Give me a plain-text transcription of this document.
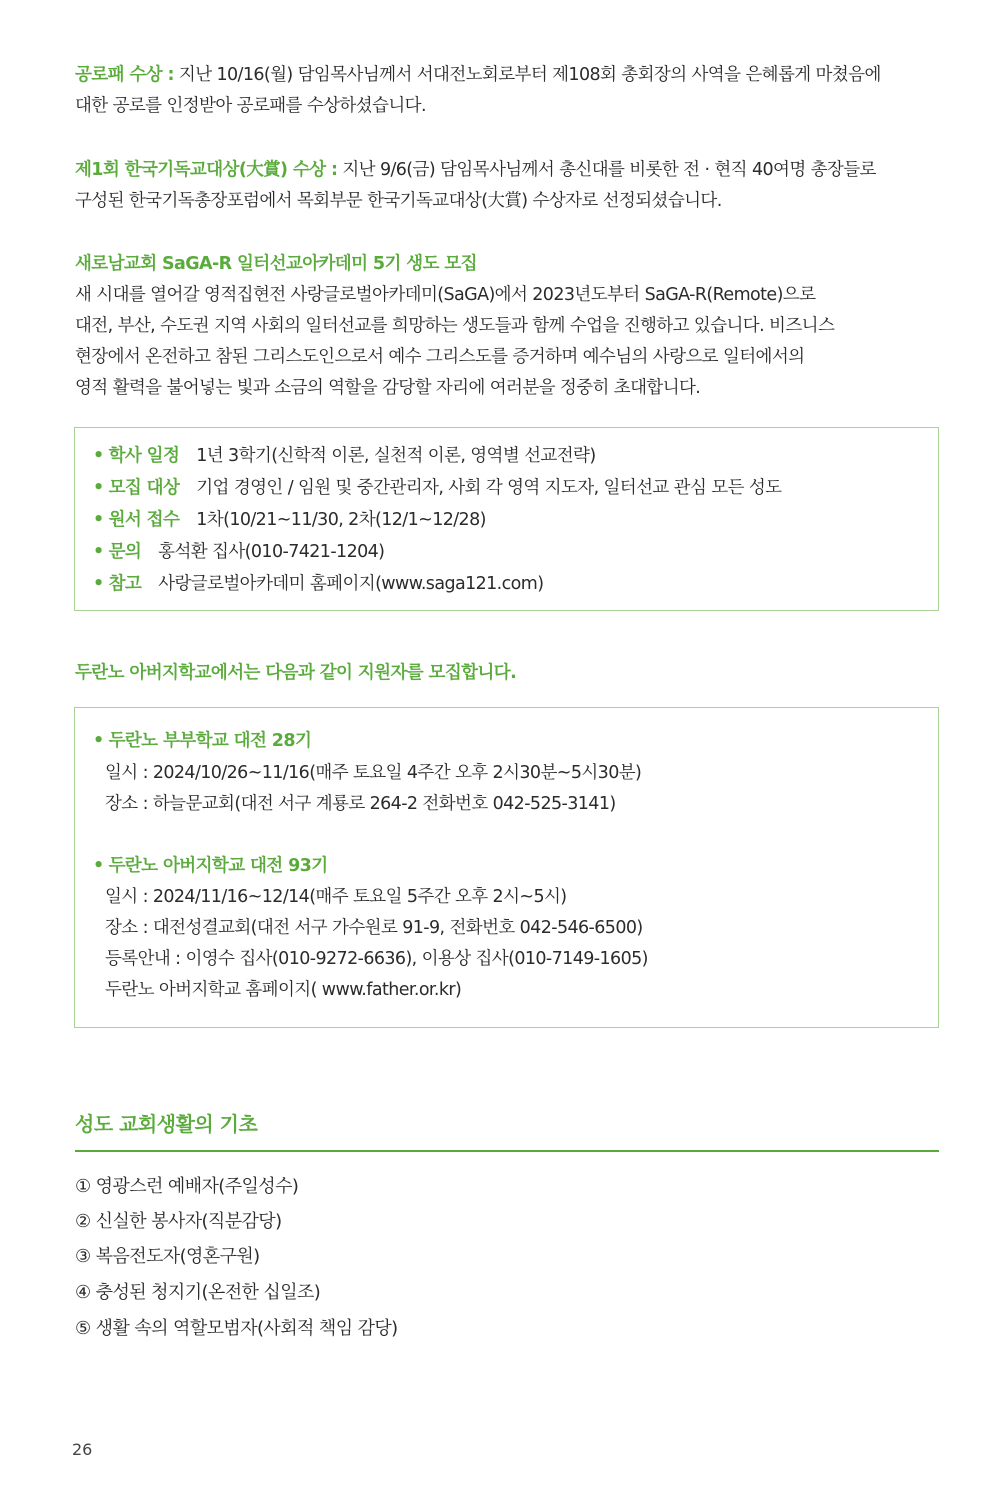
공로패 수상 : 지난 10/16(월) 담임목사님께서 서대전노회로부터 제108회 총회장의 사역을 은혜롭게 마쳤음에
대한 공로를 인정받아 공로패를 수상하셨습니다.
제1회 한국기독교대상(大賞) 수상 : 지난 9/6(금) 담임목사님께서 총신대를 비롯한 전 · 현직 40여명 총장들로
구성된 한국기독총장포럼에서 목회부문 한국기독교대상(大賞) 수상자로 선정되셨습니다.
새로남교회 SaGA-R 일터선교아카데미 5기 생도 모집
새 시대를 열어갈 영적집현전 사랑글로벌아카데미(SaGA)에서 2023년도부터 SaGA-R(Remote)으로
대전, 부산, 수도권 지역 사회의 일터선교를 희망하는 생도들과 함께 수업을 진행하고 있습니다. 비즈니스
현장에서 온전하고 참된 그리스도인으로서 예수 그리스도를 증거하며 예수님의 사랑으로 일터에서의
영적 활력을 불어넣는 빛과 소금의 역할을 감당할 자리에 여러분을 정중히 초대합니다.
• 학사 일정 1년 3학기(신학적 이론, 실천적 이론, 영역별 선교전략)
• 모집 대상 기업 경영인 / 임원 및 중간관리자, 사회 각 영역 지도자, 일터선교 관심 모든 성도
• 원서 접수 1차(10/21~11/30, 2차(12/1~12/28)
• 문의 홍석환 집사(010-7421-1204)
• 참고 사랑글로벌아카데미 홈페이지(www.saga121.com)
두란노 아버지학교에서는 다음과 같이 지원자를 모집합니다.
• 두란노 부부학교 대전 28기
일시 : 2024/10/26~11/16(매주 토요일 4주간 오후 2시30분~5시30분)
장소 : 하늘문교회(대전 서구 계룡로 264-2 전화번호 042-525-3141)
• 두란노 아버지학교 대전 93기
일시 : 2024/11/16~12/14(매주 토요일 5주간 오후 2시~5시)
장소 : 대전성결교회(대전 서구 가수원로 91-9, 전화번호 042-546-6500)
등록안내 : 이영수 집사(010-9272-6636), 이용상 집사(010-7149-1605)
두란노 아버지학교 홈페이지( www.father.or.kr)
성도 교회생활의 기초
① 영광스런 예배자(주일성수)
② 신실한 봉사자(직분감당)
③ 복음전도자(영혼구원)
④ 충성된 청지기(온전한 십일조)
⑤ 생활 속의 역할모범자(사회적 책임 감당)
26
